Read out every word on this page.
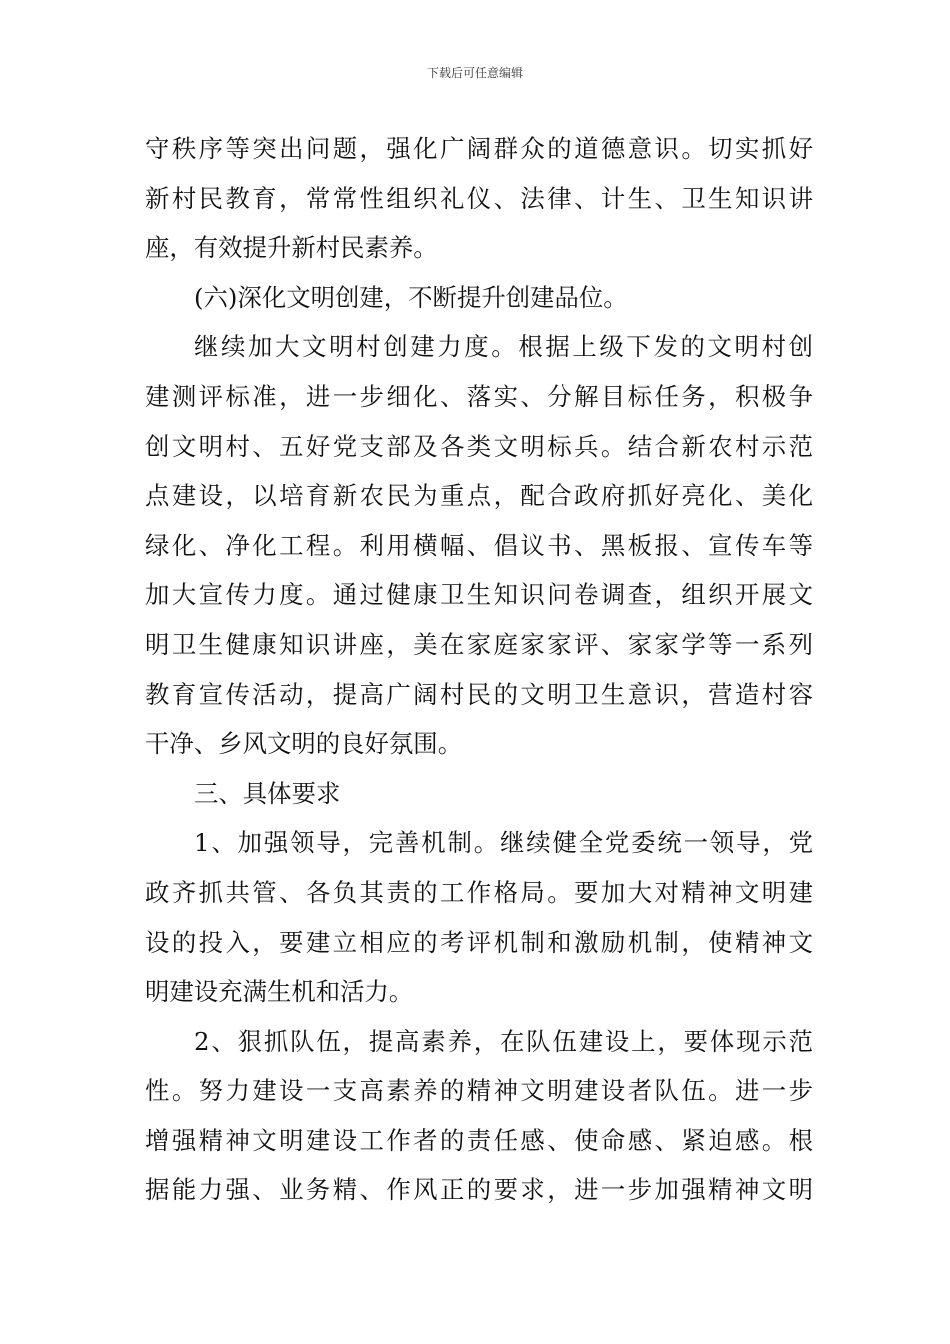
下载后可任意编辑
守秩序等突出问题，强化广阔群众的道德意识。切实抓好
新村民教育，常常性组织礼仪、法律、计生、卫生知识讲
座，有效提升新村民素养。
(六)深化文明创建，不断提升创建品位。
继续加大文明村创建力度。根据上级下发的文明村创
建测评标准，进一步细化、落实、分解目标任务，积极争
创文明村、五好党支部及各类文明标兵。结合新农村示范
点建设，以培育新农民为重点，配合政府抓好亮化、美化
绿化、净化工程。利用横幅、倡议书、黑板报、宣传车等
加大宣传力度。通过健康卫生知识问卷调查，组织开展文
明卫生健康知识讲座，美在家庭家家评、家家学等一系列
教育宣传活动，提高广阔村民的文明卫生意识，营造村容
干净、乡风文明的良好氛围。
三、具体要求
1、加强领导，完善机制。继续健全党委统一领导，党
政齐抓共管、各负其责的工作格局。要加大对精神文明建
设的投入，要建立相应的考评机制和激励机制，使精神文
明建设充满生机和活力。
2、狠抓队伍，提高素养，在队伍建设上，要体现示范
性。努力建设一支高素养的精神文明建设者队伍。进一步
增强精神文明建设工作者的责任感、使命感、紧迫感。根
据能力强、业务精、作风正的要求，进一步加强精神文明
